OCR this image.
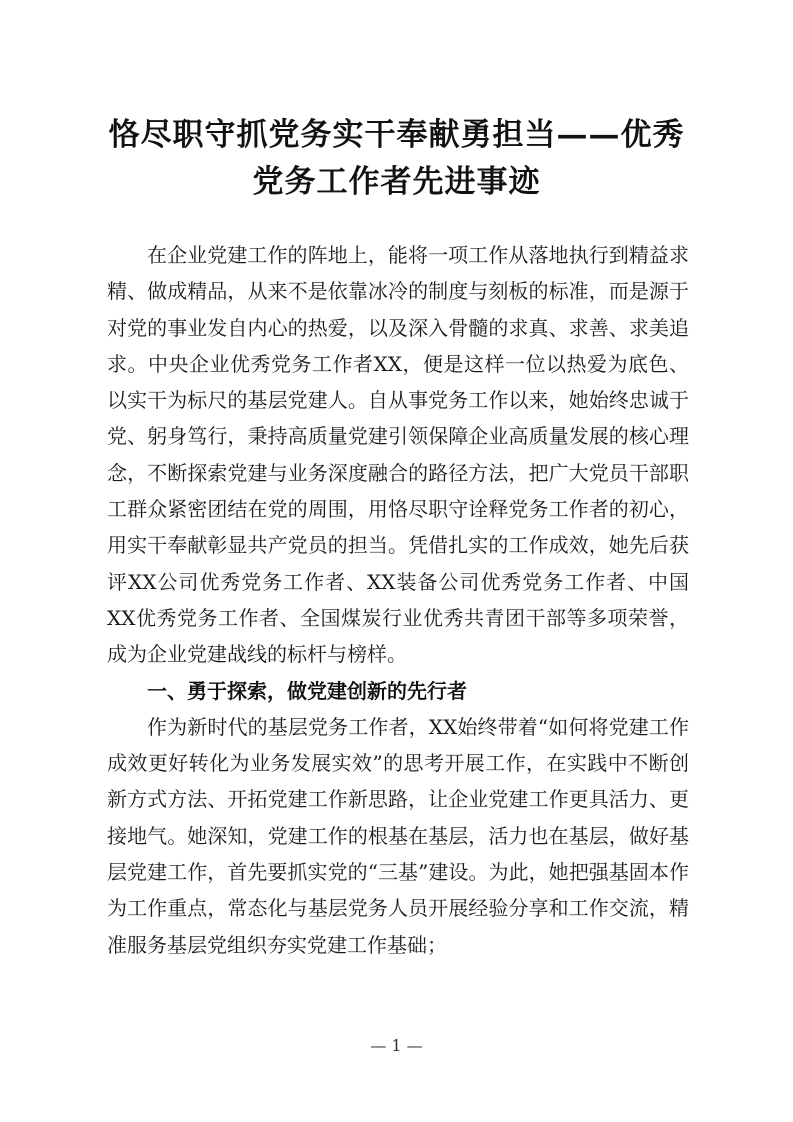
恪尽职守抓党务实干奉献勇担当——优秀
党务工作者先进事迹

在企业党建工作的阵地上，能将一项工作从落地执行到精益求精、做成精品，从来不是依靠冰冷的制度与刻板的标准，而是源于对党的事业发自内心的热爱，以及深入骨髓的求真、求善、求美追求。中央企业优秀党务工作者XX，便是这样一位以热爱为底色、以实干为标尺的基层党建人。自从事党务工作以来，她始终忠诚于党、躬身笃行，秉持高质量党建引领保障企业高质量发展的核心理念，不断探索党建与业务深度融合的路径方法，把广大党员干部职工群众紧密团结在党的周围，用恪尽职守诠释党务工作者的初心，用实干奉献彰显共产党员的担当。凭借扎实的工作成效，她先后获评XX公司优秀党务工作者、XX装备公司优秀党务工作者、中国XX优秀党务工作者、全国煤炭行业优秀共青团干部等多项荣誉，成为企业党建战线的标杆与榜样。

一、勇于探索，做党建创新的先行者

作为新时代的基层党务工作者，XX始终带着“如何将党建工作成效更好转化为业务发展实效”的思考开展工作，在实践中不断创新方式方法、开拓党建工作新思路，让企业党建工作更具活力、更接地气。她深知，党建工作的根基在基层，活力也在基层，做好基层党建工作，首先要抓实党的“三基”建设。为此，她把强基固本作为工作重点，常态化与基层党务人员开展经验分享和工作交流，精准服务基层党组织夯实党建工作基础；

— 1 —
